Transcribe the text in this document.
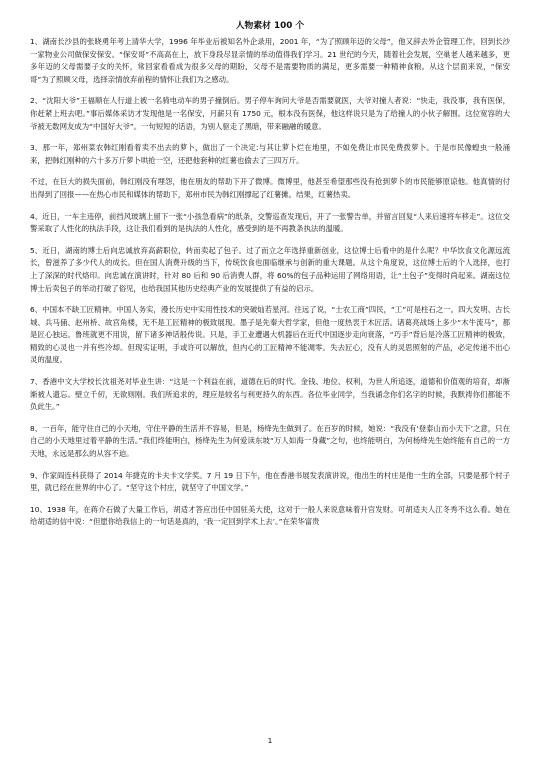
人物素材 100 个

1、湖南长沙县的张晓勇年考上清华大学，1996 年毕业后被知名外企录用，2001 年，“为了照顾年迈的父母”，他又辞去外企管理工作，回到长沙一家物业公司做保安保安。“保安哥”不高高在上，放下身段尽显亲情的举动值得我们学习。21 世纪的今天，随着社会发展，空巢老人越来越多，更多年迈的父母需要子女的关怀，常回家看看成为很多父母的期盼，父母不是需要物质的满足，更多需要一种精神食粮。从这个层面来说，“保安哥”为了照顾父母，选择亲情放弃前程的情怀让我们为之感动。

2、“沈阳大爷”王福顺在人行道上被一名骑电动车的男子撞倒后。男子停车询问大爷是否需要就医，大爷对撞人者说：“快走，我没事，我有医保，你赶紧上班去吧。”事后媒体采访才发现他是一名保安，月薪只有 1750 元，根本没有医保，他这样说只是为了给撞人的小伙子解围。这位宽容的大爷被无数网友成为“中国好大爷”。一句短短的话语，为别人驱走了黑暗，带来融融的暖意。

3、那一年，郑州菜农韩红刚看着卖不出去的萝卜，做出了一个决定:与其让萝卜烂在地里，不如免费让市民免费拨萝卜。于是市民像蝗虫一般涌来，把韩红刚种的六十多万斤萝卜哄抢一空，还把他套种的红薯也偷去了三四万斤。

不过，在巨大的损失面前，韩红刚没有埋怨，他在朋友的帮助下开了微博。微博里，他甚至希望那些没有抢到萝卜的市民能够原谅他。他真情的付出得到了回报——在热心市民和媒体的帮助下，郑州市民为韩红刚撑起了红薯摊。结果，红薯热卖。

4、近日，一车主违停，前挡风玻璃上留下一张“小孩急看病”的纸条，交警巡查发现后，开了一张警告单，并留言回复“人来后速将车移走”。这位交警采取了人性化的执法手段，这让我们看到的是执法的人性化，感受到的是不再教条执法的温暖。

5、近日，湖南的博士后向忠诚放弃高薪职位，转而卖起了包子。过了而立之年选择重新创业，这位博士后看中的是什么呢？中华饮食文化源远流长，曾滋养了多少代人的成长。但在国人消费升级的当下，传统饮食也面临继承与创新的重大课题。从这个角度说，这位博士后的个人选择，也打上了深深的时代烙印。向忠诚在演讲时，针对 80 后和 90 后消费人群，将 60%的包子品种运用了网络用语，让“土包子”变得时尚起来。湖南这位博士后卖包子的举动打破了俗见，也给我国其他历史经典产业的发展提供了有益的启示。

6、中国本不缺工匠精神。中国人务实，漫长历史中实用性技术的突破灿若星河。往远了说，“士农工商”四民，“工”可是柱石之一。四大发明、古长城、兵马俑、赵州桥、故宫角楼，无不是工匠精神的极致展现。墨子是先秦大哲学家，但他一度热衷于木匠活。诸葛亮战场上多少“木牛流马”，都是匠心独运。鲁班就更不用说，留下诸多神话般传说。只是，手工业遭遇大机器后在近代中国逐步走向衰落，“巧手”背后是冷落工匠精神的极致，精致的心灵也一并有些冷却。但现实证明，手或许可以解放，但内心的工匠精神不能凋零。失去匠心，没有人的灵思照射的产品，必定传递不出心灵的温度。

7、香港中文大学校长沈祖尧对毕业生讲：“这是一个利益在前，道德在后的时代。金钱、地位、权利，为世人所追逐，道德和价值观的培育，却渐渐被人遗忘。壁立千仞，无欲则刚。我们所追求的，理应是较名与利更持久的东西。各位毕业同学，当我诵念你们名字的时候，我默祷你们都能不负此生。”

8、一百年，能守住自己的小天地，守住平静的生活并不容易，但是，杨绛先生做到了。在百岁的时候，她说：“我没有‘登泰山而小天下’之意，只在自己的小天地里过着平静的生活。”我们终能明白，杨绛先生为何爱读东坡“万人如海一身藏”之句，也终能明白，为何杨绛先生始终能有自己的一方天地，永远是那么的从容不迫。

9、作家阎连科获得了 2014 年捷克的卡夫卡文学奖。7 月 19 日下午，他在香港书展发表演讲说，他出生的村庄是他一生的全部，只要是那个村子里，就已经在世界的中心了。“坚守这个村庄，就坚守了中国文学。”

10、1938 年，在蒋介石做了大量工作后，胡适才答应出任中国驻美大使，这对于一般人来说意味着升官发财。可胡适夫人江冬秀不这么看。她在给胡适的信中说：“但愿你给我信上的一句话是真的，‘我一定回到学术上去’。”在荣华富贵

1
